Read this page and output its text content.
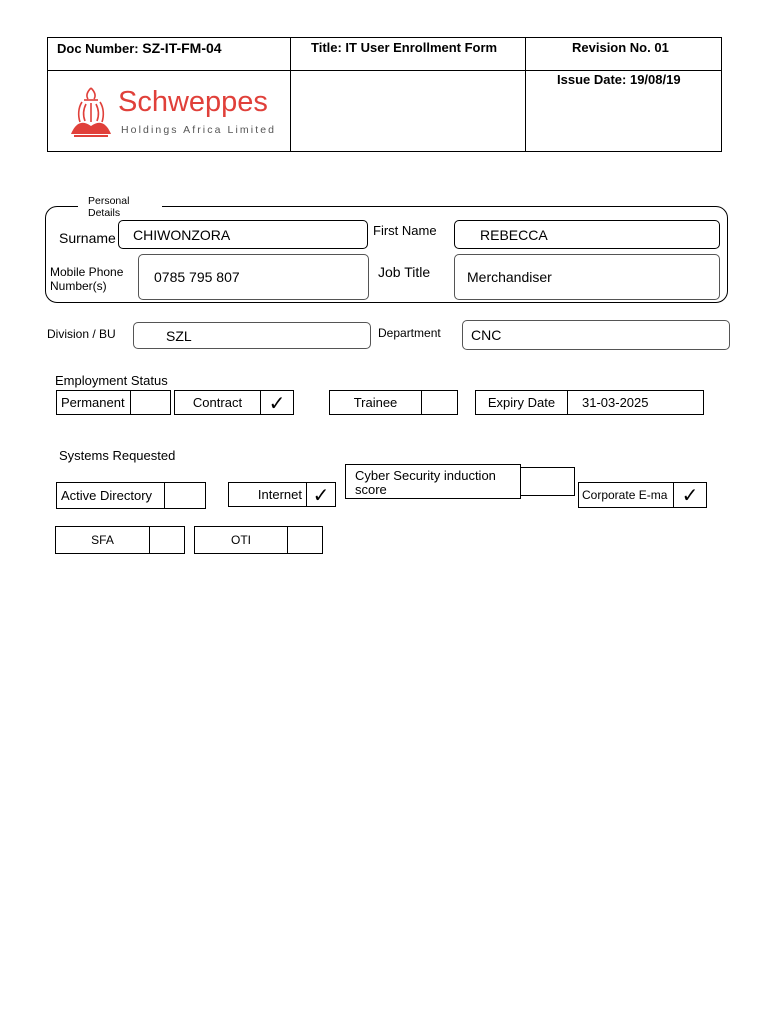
Doc Number: SZ-IT-FM-04	Title: IT User Enrollment Form	Revision No. 01
Issue Date: 19/08/19
Schweppes
Holdings Africa Limited
Personal Details
Surname	CHIWONZORA	First Name	REBECCA
Mobile Phone
Number(s)
0785 795 807	Job Title	Merchandiser
Division / BU	SZL	Department	CNC
Employment Status
Permanent	Contract	✓	Trainee	Expiry Date	31-03-2025
Systems Requested
Active Directory	Internet ✓
Cyber Security induction
score	Corporate E-ma ✓
SFA	OTI
